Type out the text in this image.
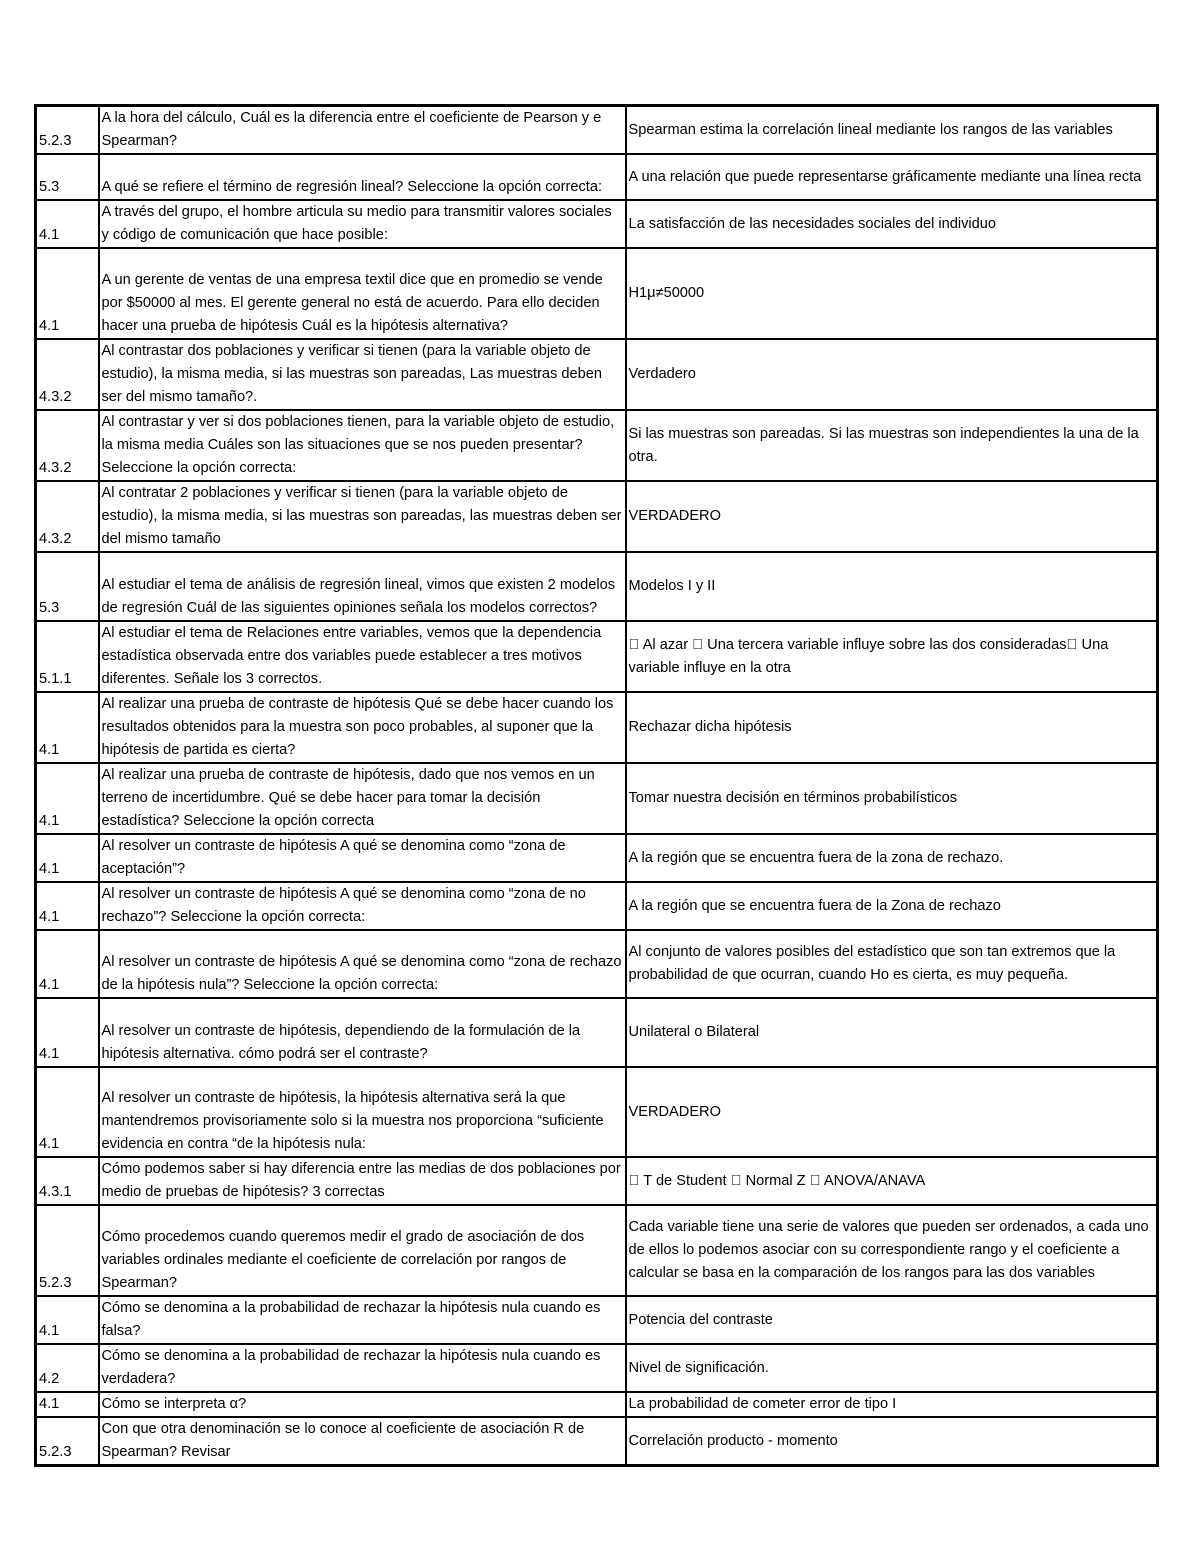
5.2.3	A la hora del cálculo, Cuál es la diferencia entre el coeficiente de Pearson y e Spearman?	Spearman estima la correlación lineal mediante los rangos de las variables
5.3	A qué se refiere el término de regresión lineal? Seleccione la opción correcta:	A una relación que puede representarse gráficamente mediante una línea recta
4.1	A través del grupo, el hombre articula su medio para transmitir valores sociales y código de comunicación que hace posible:	La satisfacción de las necesidades sociales del individuo
4.1	A un gerente de ventas de una empresa textil dice que en promedio se vende por $50000 al mes. El gerente general no está de acuerdo. Para ello deciden hacer una prueba de hipótesis Cuál es la hipótesis alternativa?	H1μ≠50000
4.3.2	Al contrastar dos poblaciones y verificar si tienen (para la variable objeto de estudio), la misma media, si las muestras son pareadas, Las muestras deben ser del mismo tamaño?.	Verdadero
4.3.2	Al contrastar y ver si dos poblaciones tienen, para la variable objeto de estudio, la misma media Cuáles son las situaciones que se nos pueden presentar? Seleccione la opción correcta:	Si las muestras son pareadas. Si las muestras son independientes la una de la otra.
4.3.2	Al contratar 2 poblaciones y verificar si tienen (para la variable objeto de estudio), la misma media, si las muestras son pareadas, las muestras deben ser del mismo tamaño	VERDADERO
5.3	Al estudiar el tema de análisis de regresión lineal, vimos que existen 2 modelos de regresión Cuál de las siguientes opiniones señala los modelos correctos?	Modelos I y II
5.1.1	Al estudiar el tema de Relaciones entre variables, vemos que la dependencia estadística observada entre dos variables puede establecer a tres motivos diferentes. Señale los 3 correctos.	  Al azar   Una tercera variable influye sobre las dos consideradas  Una variable influye en la otra
4.1	Al realizar una prueba de contraste de hipótesis Qué se debe hacer cuando los resultados obtenidos para la muestra son poco probables, al suponer que la hipótesis de partida es cierta?	Rechazar dicha hipótesis
4.1	Al realizar una prueba de contraste de hipótesis, dado que nos vemos en un terreno de incertidumbre. Qué se debe hacer para tomar la decisión estadística? Seleccione la opción correcta	Tomar nuestra decisión en términos probabilísticos
4.1	Al resolver un contraste de hipótesis A qué se denomina como “zona de aceptación”?	A la región que se encuentra fuera de la zona de rechazo.
4.1	Al resolver un contraste de hipótesis A qué se denomina como “zona de no rechazo”? Seleccione la opción correcta:	A la región que se encuentra fuera de la Zona de rechazo
4.1	Al resolver un contraste de hipótesis A qué se denomina como “zona de rechazo de la hipótesis nula”? Seleccione la opción correcta:	Al conjunto de valores posibles del estadístico que son tan extremos que la probabilidad de que ocurran, cuando Ho es cierta, es muy pequeña.
4.1	Al resolver un contraste de hipótesis, dependiendo de la formulación de la hipótesis alternativa. cómo podrá ser el contraste?	Unilateral o Bilateral
4.1	Al resolver un contraste de hipótesis, la hipótesis alternativa será la que mantendremos provisoriamente solo si la muestra nos proporciona “suficiente evidencia en contra “de la hipótesis nula:	VERDADERO
4.3.1	Cómo podemos saber si hay diferencia entre las medias de dos poblaciones por medio de pruebas de hipótesis? 3 correctas	  T de Student   Normal Z   ANOVA/ANAVA
5.2.3	Cómo procedemos cuando queremos medir el grado de asociación de dos variables ordinales mediante el coeficiente de correlación por rangos de Spearman?	Cada variable tiene una serie de valores que pueden ser ordenados, a cada uno de ellos lo podemos asociar con su correspondiente rango y el coeficiente a calcular se basa en la comparación de los rangos para las dos variables
4.1	Cómo se denomina a la probabilidad de rechazar la hipótesis nula cuando es falsa?	Potencia del contraste
4.2	Cómo se denomina a la probabilidad de rechazar la hipótesis nula cuando es verdadera?	Nivel de significación.
4.1	Cómo se interpreta α?	La probabilidad de cometer error de tipo I
5.2.3	Con que otra denominación se lo conoce al coeficiente de asociación R de Spearman? Revisar	Correlación producto - momento
